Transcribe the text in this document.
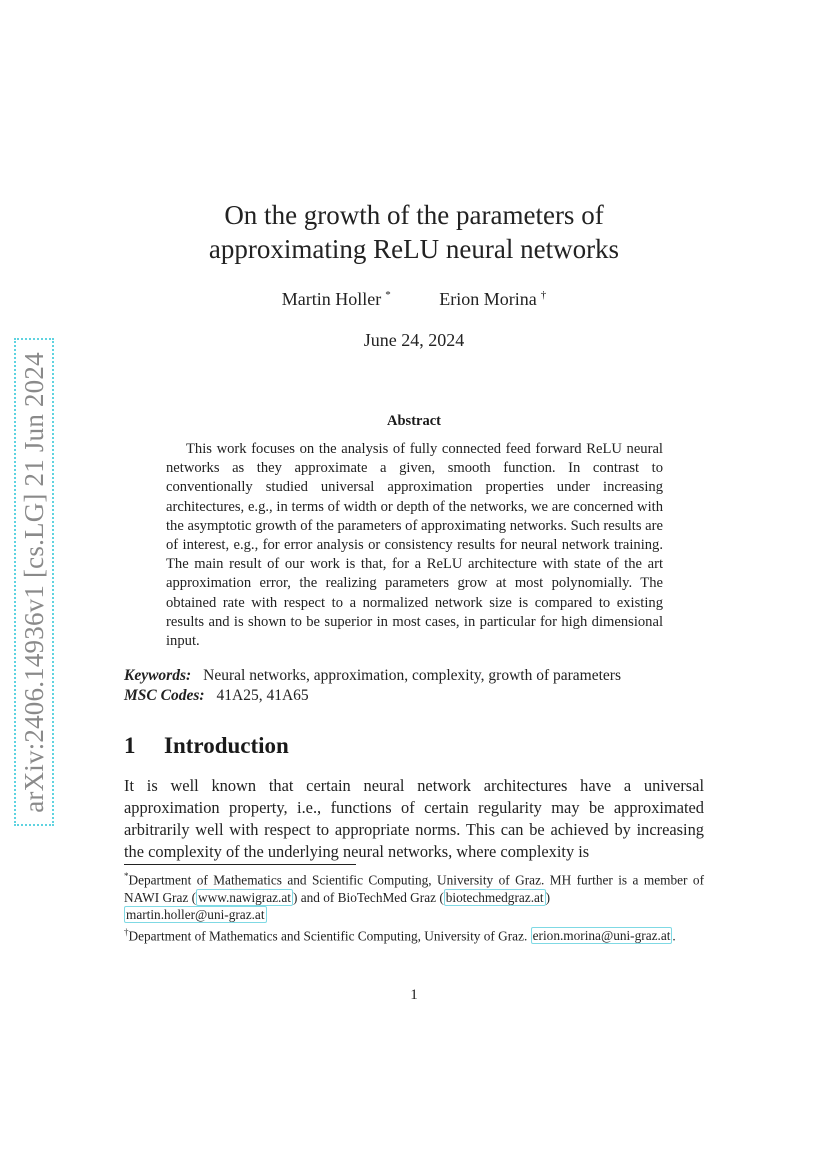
arXiv:2406.14936v1 [cs.LG] 21 Jun 2024
On the growth of the parameters of
approximating ReLU neural networks
Martin Holler *	Erion Morina †
June 24, 2024
Abstract
This work focuses on the analysis of fully connected feed forward ReLU neural networks as they approximate a given, smooth function. In contrast to conventionally studied universal approximation properties under increasing architectures, e.g., in terms of width or depth of the networks, we are concerned with the asymptotic growth of the parameters of approximating networks. Such results are of interest, e.g., for error analysis or consistency results for neural network training. The main result of our work is that, for a ReLU architecture with state of the art approximation error, the realizing parameters grow at most polynomially. The obtained rate with respect to a normalized network size is compared to existing results and is shown to be superior in most cases, in particular for high dimensional input.
Keywords: Neural networks, approximation, complexity, growth of parameters
MSC Codes: 41A25, 41A65
1 Introduction
It is well known that certain neural network architectures have a universal approximation property, i.e., functions of certain regularity may be approximated arbitrarily well with respect to appropriate norms. This can be achieved by increasing the complexity of the underlying neural networks, where complexity is

*Department of Mathematics and Scientific Computing, University of Graz. MH further is a member of NAWI Graz ( www.nawigraz.at ) and of BioTechMed Graz ( biotechmedgraz.at )
martin.holler@uni-graz.at

†Department of Mathematics and Scientific Computing, University of Graz. erion.morina@uni-graz.at .

1
